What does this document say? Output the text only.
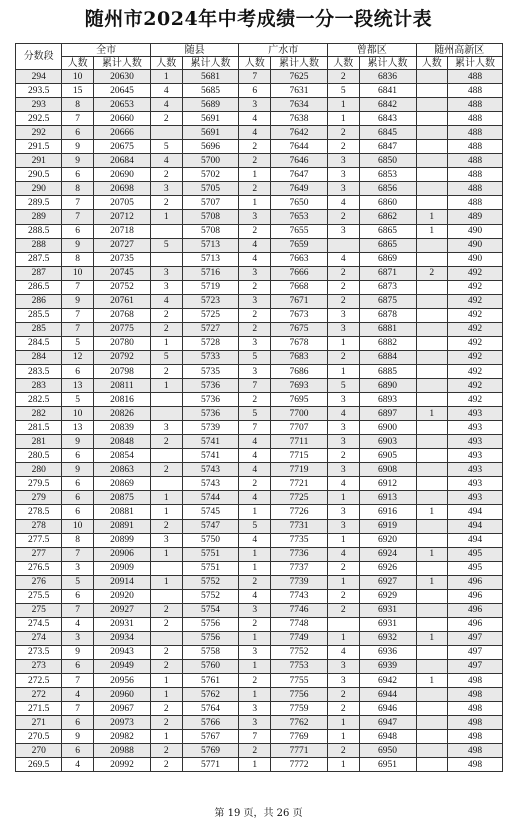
随州市2024年中考成绩一分一段统计表
分数段	全市		随县		广水市		曾都区		随州高新区	
	人数	累计人数	人数	累计人数	人数	累计人数	人数	累计人数	人数	累计人数
294	10	20630	1	5681	7	7625	2	6836		488
293.5	15	20645	4	5685	6	7631	5	6841		488
293	8	20653	4	5689	3	7634	1	6842		488
292.5	7	20660	2	5691	4	7638	1	6843		488
292	6	20666		5691	4	7642	2	6845		488
291.5	9	20675	5	5696	2	7644	2	6847		488
291	9	20684	4	5700	2	7646	3	6850		488
290.5	6	20690	2	5702	1	7647	3	6853		488
290	8	20698	3	5705	2	7649	3	6856		488
289.5	7	20705	2	5707	1	7650	4	6860		488
289	7	20712	1	5708	3	7653	2	6862	1	489
288.5	6	20718		5708	2	7655	3	6865	1	490
288	9	20727	5	5713	4	7659		6865		490
287.5	8	20735		5713	4	7663	4	6869		490
287	10	20745	3	5716	3	7666	2	6871	2	492
286.5	7	20752	3	5719	2	7668	2	6873		492
286	9	20761	4	5723	3	7671	2	6875		492
285.5	7	20768	2	5725	2	7673	3	6878		492
285	7	20775	2	5727	2	7675	3	6881		492
284.5	5	20780	1	5728	3	7678	1	6882		492
284	12	20792	5	5733	5	7683	2	6884		492
283.5	6	20798	2	5735	3	7686	1	6885		492
283	13	20811	1	5736	7	7693	5	6890		492
282.5	5	20816		5736	2	7695	3	6893		492
282	10	20826		5736	5	7700	4	6897	1	493
281.5	13	20839	3	5739	7	7707	3	6900		493
281	9	20848	2	5741	4	7711	3	6903		493
280.5	6	20854		5741	4	7715	2	6905		493
280	9	20863	2	5743	4	7719	3	6908		493
279.5	6	20869		5743	2	7721	4	6912		493
279	6	20875	1	5744	4	7725	1	6913		493
278.5	6	20881	1	5745	1	7726	3	6916	1	494
278	10	20891	2	5747	5	7731	3	6919		494
277.5	8	20899	3	5750	4	7735	1	6920		494
277	7	20906	1	5751	1	7736	4	6924	1	495
276.5	3	20909		5751	1	7737	2	6926		495
276	5	20914	1	5752	2	7739	1	6927	1	496
275.5	6	20920		5752	4	7743	2	6929		496
275	7	20927	2	5754	3	7746	2	6931		496
274.5	4	20931	2	5756	2	7748		6931		496
274	3	20934		5756	1	7749	1	6932	1	497
273.5	9	20943	2	5758	3	7752	4	6936		497
273	6	20949	2	5760	1	7753	3	6939		497
272.5	7	20956	1	5761	2	7755	3	6942	1	498
272	4	20960	1	5762	1	7756	2	6944		498
271.5	7	20967	2	5764	3	7759	2	6946		498
271	6	20973	2	5766	3	7762	1	6947		498
270.5	9	20982	1	5767	7	7769	1	6948		498
270	6	20988	2	5769	2	7771	2	6950		498
269.5	4	20992	2	5771	1	7772	1	6951		498
第 19 页，共 26 页
